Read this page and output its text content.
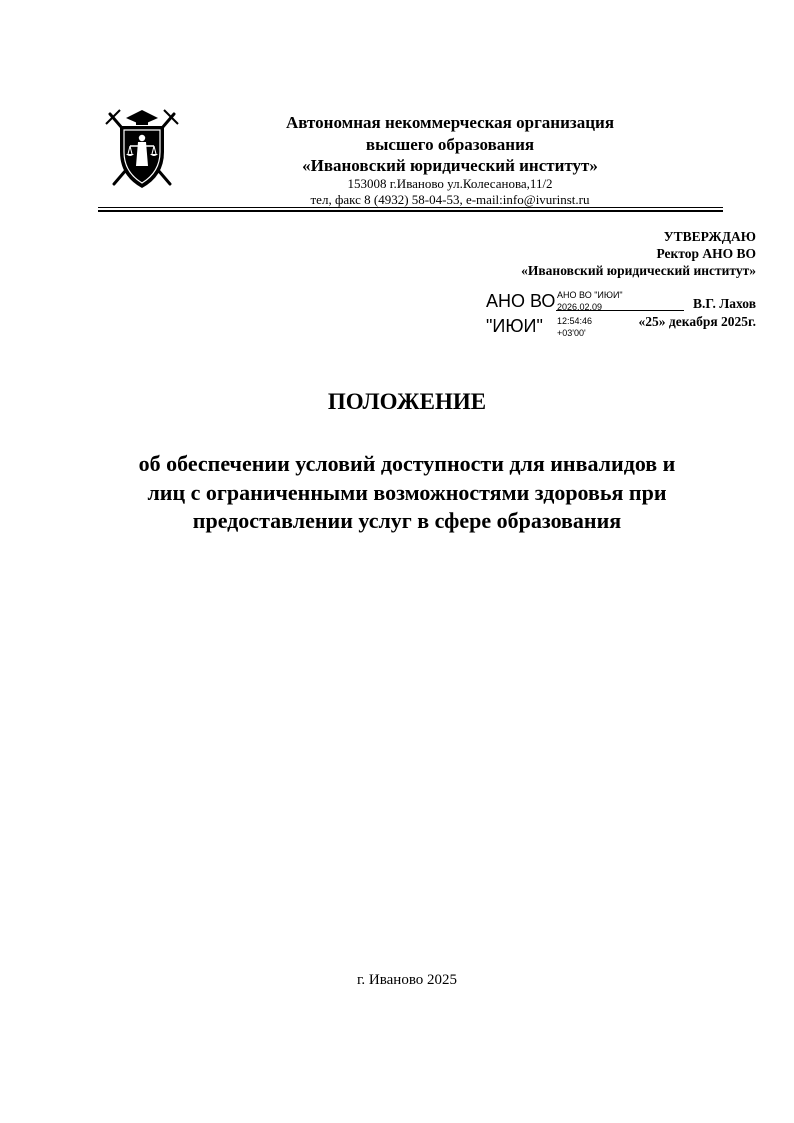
Автономная некоммерческая организация
высшего образования
«Ивановский юридический институт»
153008 г.Иваново ул.Колесанова,11/2
тел, факс 8 (4932) 58-04-53, e-mail:info@ivurinst.ru
УТВЕРЖДАЮ
Ректор АНО ВО
«Ивановский юридический институт»
АНО ВО
"ИЮИ"
АНО ВО "ИЮИ"
2026.02.09
12:54:46
+03'00'
В.Г. Лахов
«25» декабря 2025г.
ПОЛОЖЕНИЕ
об обеспечении условий доступности для инвалидов и
лиц с ограниченными возможностями здоровья при
предоставлении услуг в сфере образования
г. Иваново 2025
